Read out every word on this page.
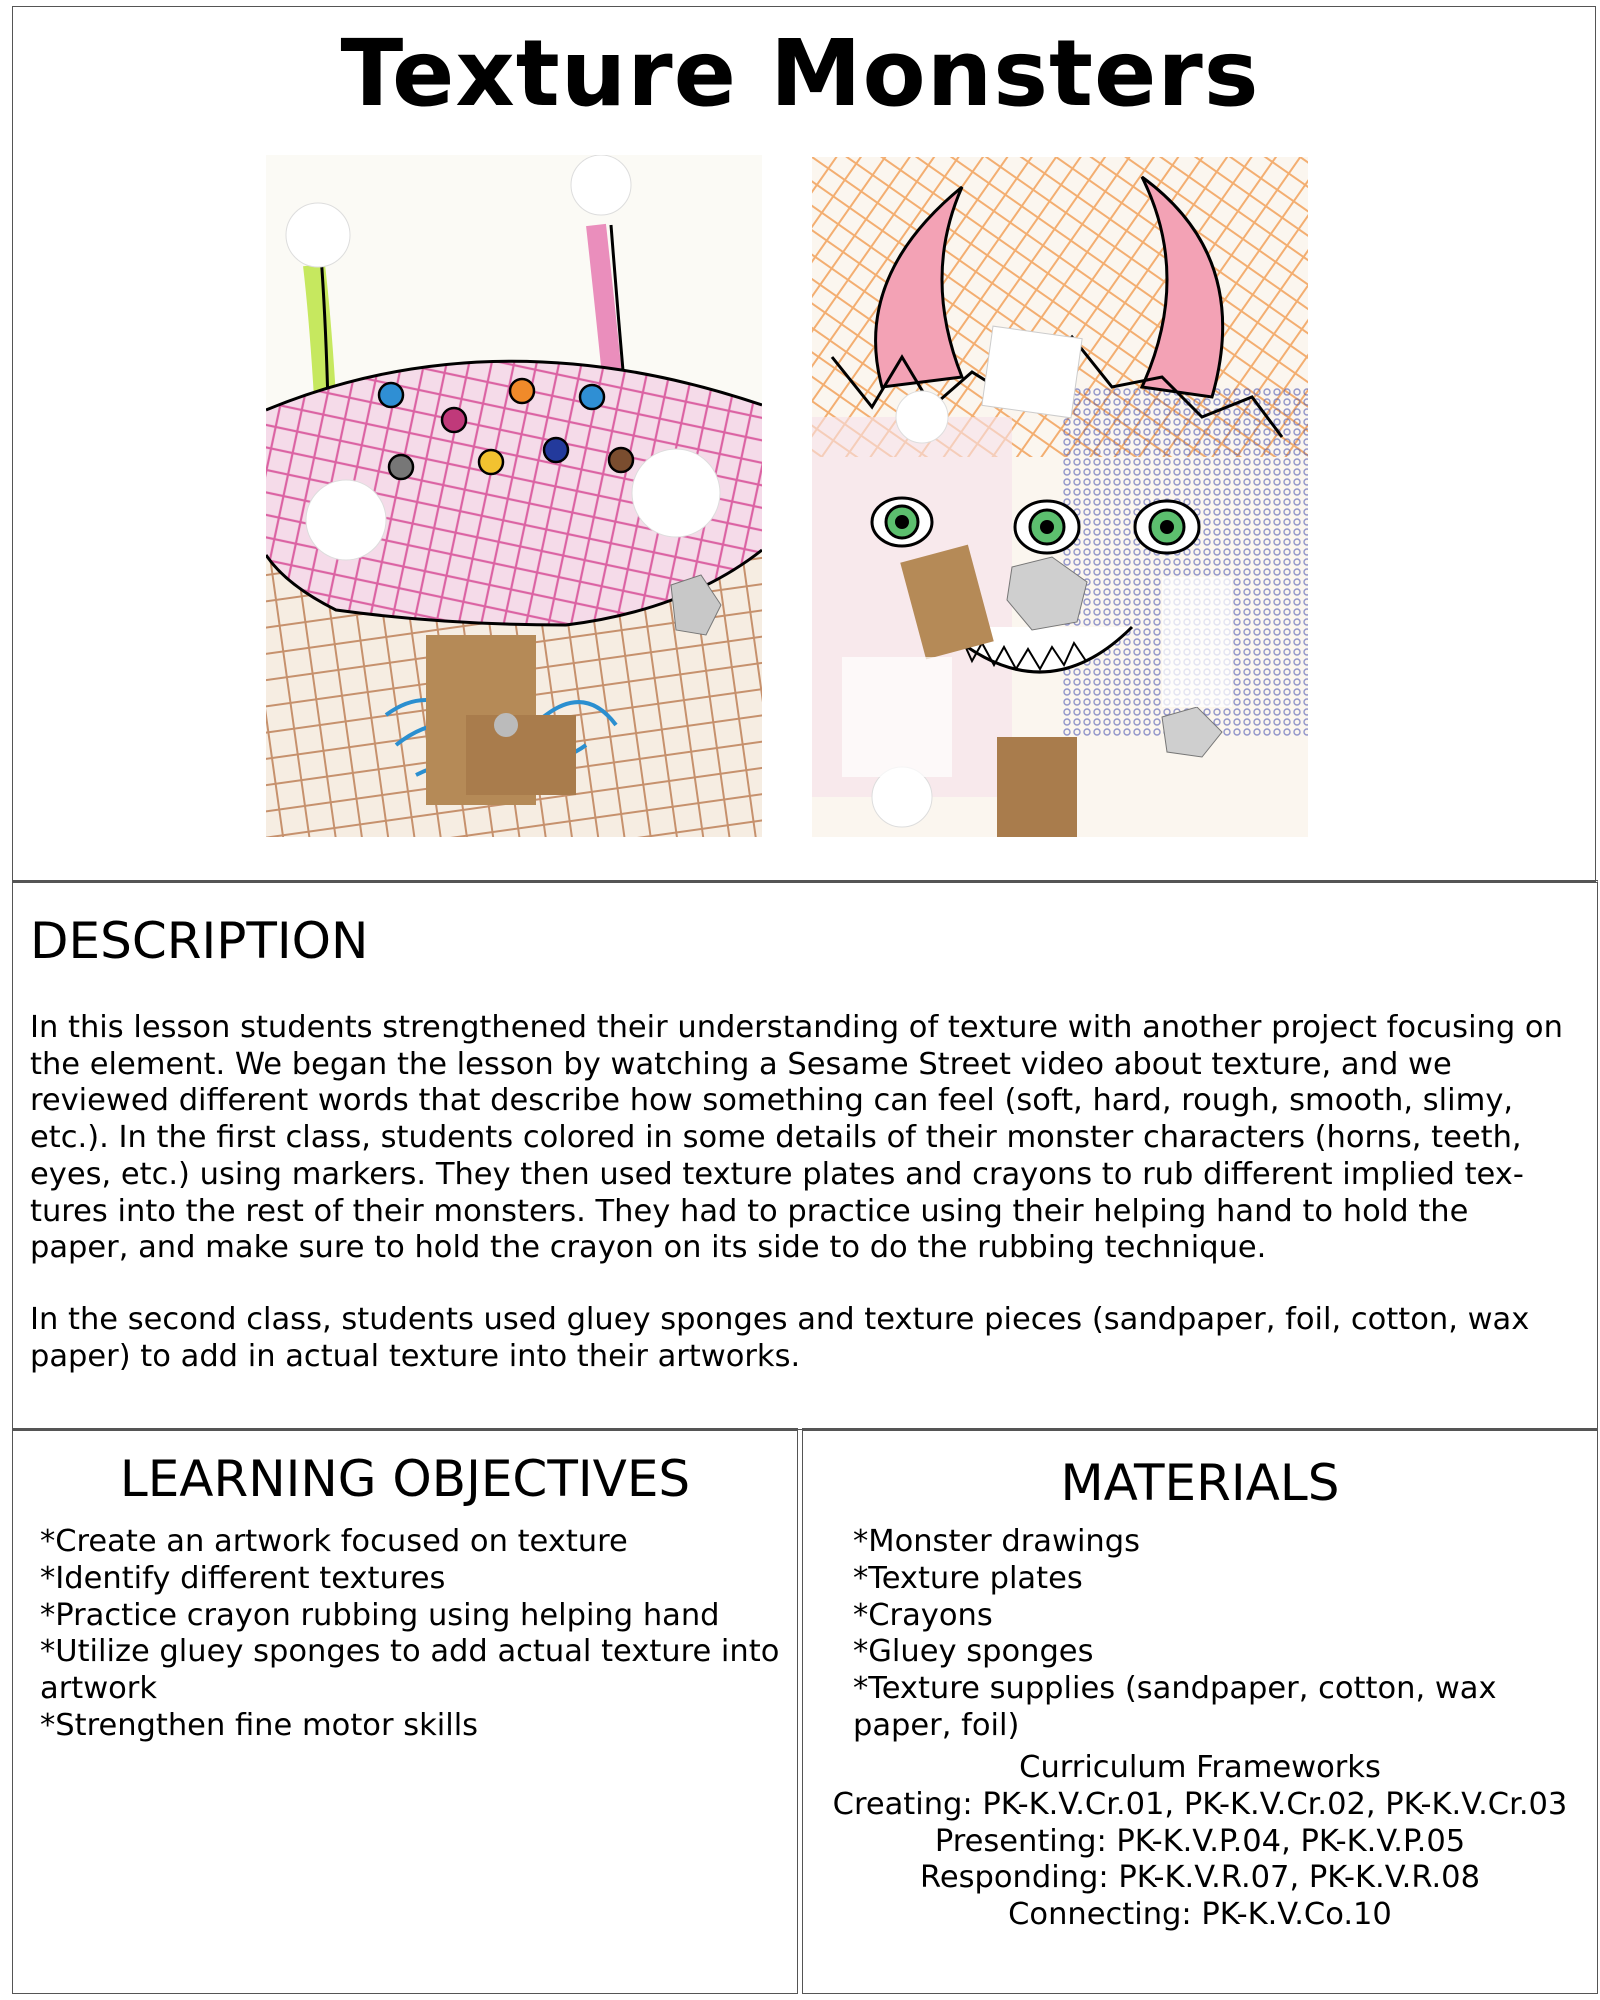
Texture Monsters
DESCRIPTION

In this lesson students strengthened their understanding of texture with another project focusing on the element. We began the lesson by watching a Sesame Street video about texture, and we reviewed different words that describe how something can feel (soft, hard, rough, smooth, slimy, etc.). In the first class, students colored in some details of their monster characters (horns, teeth, eyes, etc.) using markers. They then used texture plates and crayons to rub different implied tex-tures into the rest of their monsters. They had to practice using their helping hand to hold the paper, and make sure to hold the crayon on its side to do the rubbing technique.

In the second class, students used gluey sponges and texture pieces (sandpaper, foil, cotton, wax paper) to add in actual texture into their artworks.

LEARNING OBJECTIVES
*Create an artwork focused on texture
*Identify different textures
*Practice crayon rubbing using helping hand
*Utilize gluey sponges to add actual texture into artwork
*Strengthen fine motor skills
MATERIALS
*Monster drawings
*Texture plates
*Crayons
*Gluey sponges
*Texture supplies (sandpaper, cotton, wax paper, foil)
Curriculum Frameworks
Creating: PK-K.V.Cr.01, PK-K.V.Cr.02, PK-K.V.Cr.03
Presenting: PK-K.V.P.04, PK-K.V.P.05
Responding: PK-K.V.R.07, PK-K.V.R.08
Connecting: PK-K.V.Co.10
